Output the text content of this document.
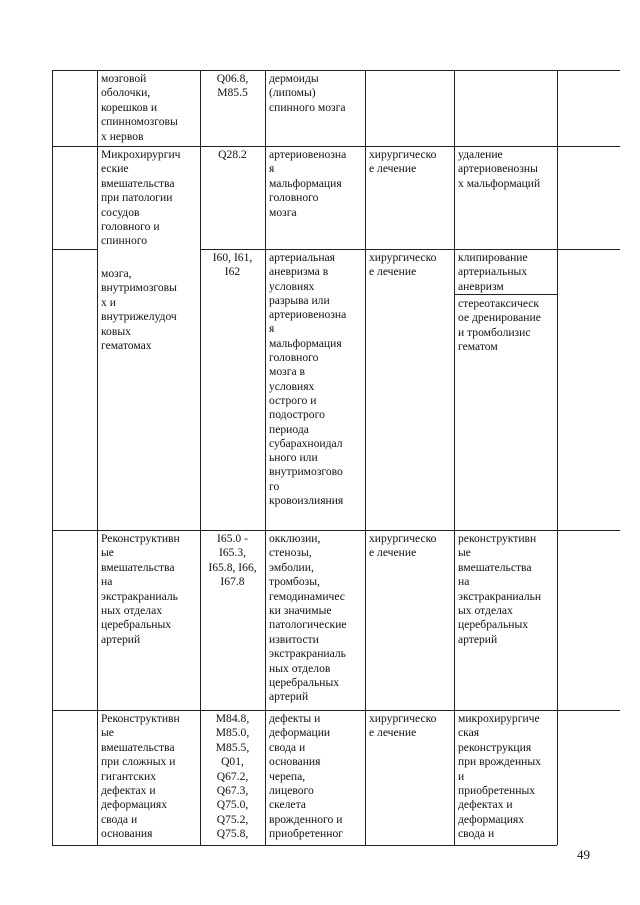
мозговой
оболочки,
корешков и
спинномозговы
х нервов
Q06.8,
M85.5
дермоиды
(липомы)
спинного мозга
Микрохирургич
еские
вмешательства
при патологии
сосудов
головного и
спинного
Q28.2	артериовенозна
я
мальформация
головного
мозга
хирургическо
е лечение
удаление
артериовенозны
х мальформаций
мозга,
внутримозговы
х и
внутрижелудоч
ковых
гематомах
I60, I61,
I62
артериальная
аневризма в
условиях
разрыва или
артериовенозна
я
мальформация
головного
мозга в
условиях
острого и
подострого
периода
субарахноидал
ьного или
внутримозгово
го
кровоизлияния
хирургическо
е лечение
клипирование
артериальных
аневризм
стереотаксическ
ое дренирование
и тромболизис
гематом
Реконструктивн
ые
вмешательства
на
экстракраниаль
ных отделах
церебральных
артерий
I65.0 -
I65.3,
I65.8, I66,
I67.8
окклюзии,
стенозы,
эмболии,
тромбозы,
гемодинамичес
ки значимые
патологические
извитости
экстракраниаль
ных отделов
церебральных
артерий
хирургическо
е лечение
реконструктивн
ые
вмешательства
на
экстракраниальн
ых отделах
церебральных
артерий
Реконструктивн
ые
вмешательства
при сложных и
гигантских
дефектах и
деформациях
свода и
основания
M84.8,
M85.0,
M85.5,
Q01,
Q67.2,
Q67.3,
Q75.0,
Q75.2,
Q75.8,
дефекты и
деформации
свода и
основания
черепа,
лицевого
скелета
врожденного и
приобретенног
хирургическо
е лечение
микрохирургиче
ская
реконструкция
при врожденных
и
приобретенных
дефектах и
деформациях
свода и
49
